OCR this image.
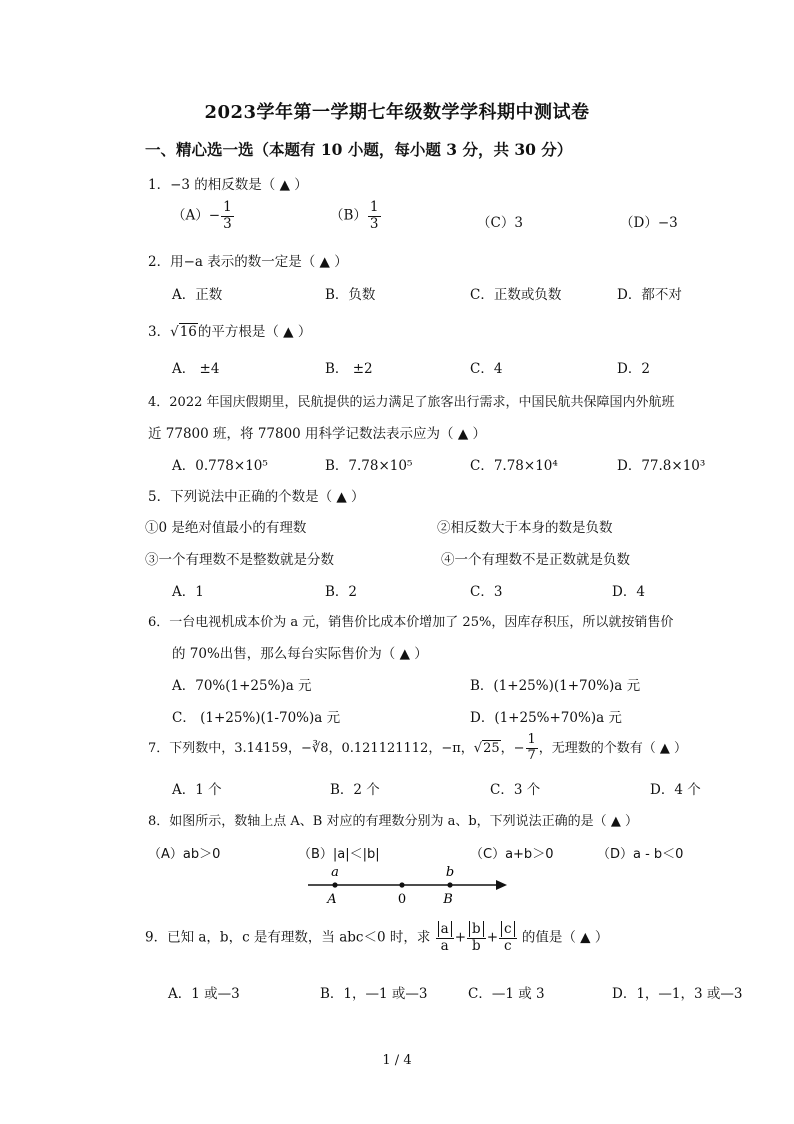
2023学年第一学期七年级数学学科期中测试卷
一、精心选一选（本题有 10 小题，每小题 3 分，共 30 分）
1．−3 的相反数是（ ▲ ）
$(A)- \frac{1}{3}$	$(B) \frac{1}{3}$	（C）3	（D）−3
2．用−a 表示的数一定是（ ▲ ）
A．正数	B．负数	C．正数或负数	D．都不对
3．√16的平方根是（ ▲ ）
A． ±4	B． ±2	C．4	D．2
4．2022 年国庆假期里，民航提供的运力满足了旅客出行需求，中国民航共保障国内外航班
近 77800 班，将 77800 用科学记数法表示应为（ ▲ ）
A．0.778×10⁵	B．7.78×10⁵	C．7.78×10⁴	D．77.8×10³
5．下列说法中正确的个数是（ ▲ ）
①0 是绝对值最小的有理数	②相反数大于本身的数是负数
③一个有理数不是整数就是分数	④一个有理数不是正数就是负数
A．1	B．2	C．3	D．4
6．一台电视机成本价为 a 元，销售价比成本价增加了 25%，因库存积压，所以就按销售价
的 70%出售，那么每台实际售价为（ ▲ ）
A．70%(1+25%)a 元	B．(1+25%)(1+70%)a 元
C． (1+25%)(1-70%)a 元	D．(1+25%+70%)a 元
7．下列数中，3.14159，−∛8，0.121121112，−π，√25，− $\frac{1}{7}$ ，无理数的个数有（ ▲ ）
A．1 个	B．2 个	C．3 个	D．4 个
8．如图所示，数轴上点 A、B 对应的有理数分别为 a、b，下列说法正确的是（ ▲ ）
（A）ab＞0	（B）|a|＜|b|	（C）a+b＞0	（D）a - b＜0
a
A	0
b
B
9．已知 a，b，c 是有理数，当 abc＜0 时，求 $\frac{a}{a} + \frac{b}{b} + \frac{c}{c}$ 的值是（ ▲ ）
A．1 或—3	B．1，—1 或—3	C．—1 或 3	D．1，—1，3 或—3
1 / 4
